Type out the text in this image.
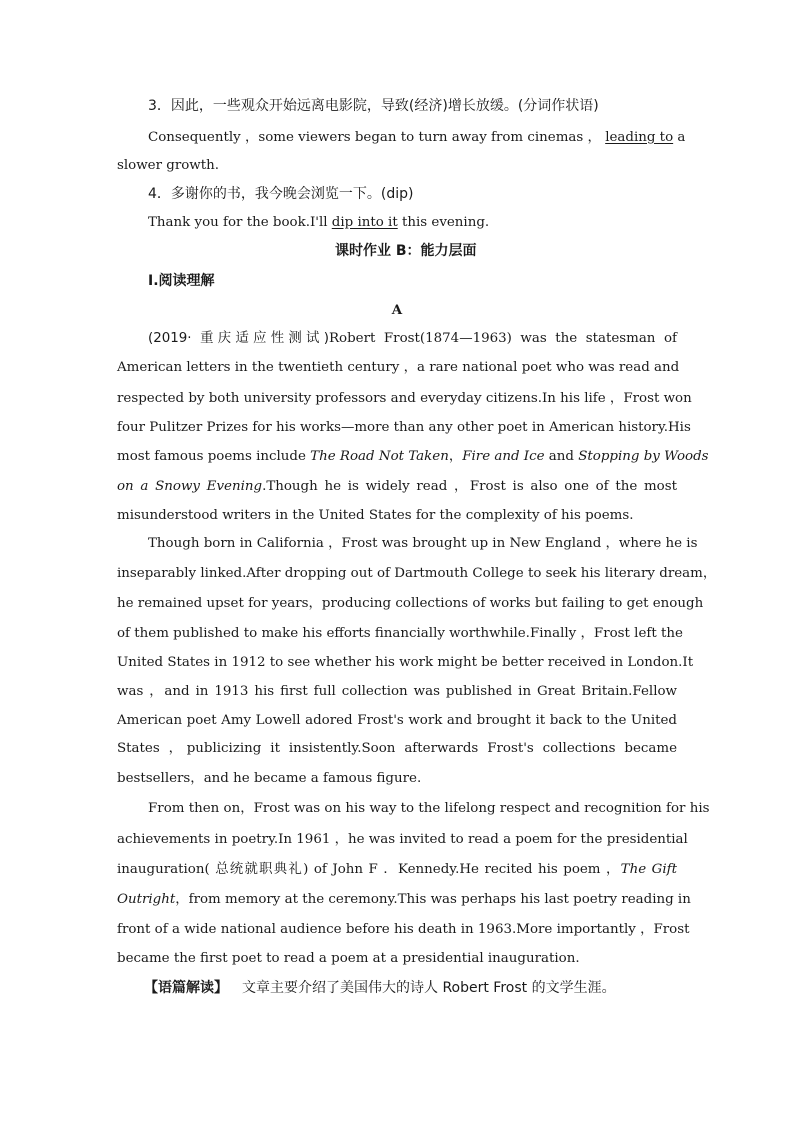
3．因此，一些观众开始远离电影院，导致(经济)增长放缓。(分词作状语)
Consequently ，some viewers began to turn away from cinemas ， leading to a
slower growth.
4．多谢你的书，我今晚会浏览一下。(dip)
Thank you for the book.I'll dip into it this evening.
课时作业 B：能力层面
Ⅰ.阅读理解
A
(2019· 重庆适应性测试)Robert Frost(1874—1963) was the statesman of
American letters in the twentieth century ，a rare national poet who was read and
respected by both university professors and everyday citizens.In his life ，Frost won
four Pulitzer Prizes for his works—more than any other poet in American history.His
most famous poems include The Road Not Taken，Fire and Ice and Stopping by Woods
on a Snowy Evening.Though he is widely read ，Frost is also one of the most
misunderstood writers in the United States for the complexity of his poems.
Though born in California ，Frost was brought up in New England ，where he is
inseparably linked.After dropping out of Dartmouth College to seek his literary dream，
he remained upset for years，producing collections of works but failing to get enough
of them published to make his efforts financially worthwhile.Finally ，Frost left the
United States in 1912 to see whether his work might be better received in London.It
was ，and in 1913 his first full collection was published in Great Britain.Fellow
American poet Amy Lowell adored Frost's work and brought it back to the United
States ，publicizing it insistently.Soon afterwards Frost's collections became
bestsellers，and he became a famous figure.
From then on，Frost was on his way to the lifelong respect and recognition for his
achievements in poetry.In 1961 ，he was invited to read a poem for the presidential
inauguration( 总统就职典礼) of John F ．Kennedy.He recited his poem ，The Gift
Outright，from memory at the ceremony.This was perhaps his last poetry reading in
front of a wide national audience before his death in 1963.More importantly ，Frost
became the first poet to read a poem at a presidential inauguration.
【语篇解读】 文章主要介绍了美国伟大的诗人 Robert Frost 的文学生涯。
